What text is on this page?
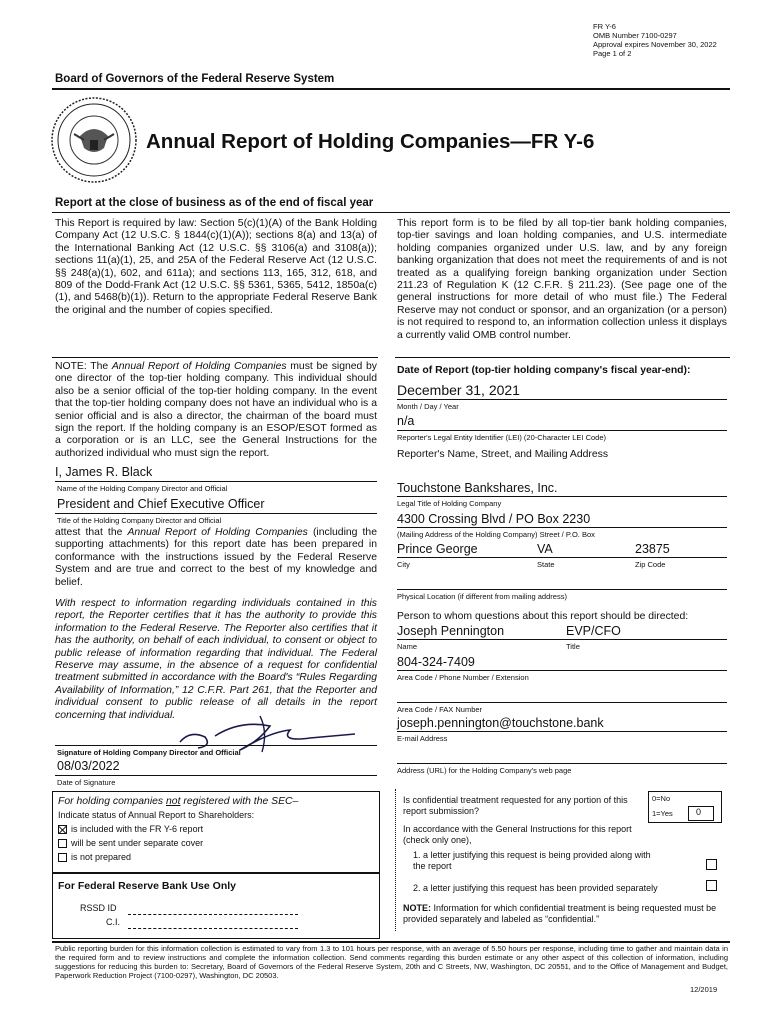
FR Y-6
OMB Number 7100-0297
Approval expires November 30, 2022
Page 1 of 2
Board of Governors of the Federal Reserve System
Annual Report of Holding Companies—FR Y-6
Report at the close of business as of the end of fiscal year

This Report is required by law: Section 5(c)(1)(A) of the Bank Holding Company Act (12 U.S.C. § 1844(c)(1)(A)); sections 8(a) and 13(a) of the International Banking Act (12 U.S.C. §§ 3106(a) and 3108(a)); sections 11(a)(1), 25, and 25A of the Federal Reserve Act (12 U.S.C. §§ 248(a)(1), 602, and 611a); and sections 113, 165, 312, 618, and 809 of the Dodd-Frank Act (12 U.S.C. §§ 5361, 5365, 5412, 1850a(c)(1), and 5468(b)(1)). Return to the appropriate Federal Reserve Bank the original and the number of copies specified.

This report form is to be filed by all top-tier bank holding companies, top-tier savings and loan holding companies, and U.S. intermediate holding companies organized under U.S. law, and by any foreign banking organization that does not meet the requirements of and is not treated as a qualifying foreign banking organization under Section 211.23 of Regulation K (12 C.F.R. § 211.23). (See page one of the general instructions for more detail of who must file.) The Federal Reserve may not conduct or sponsor, and an organization (or a person) is not required to respond to, an information collection unless it displays a currently valid OMB control number.

NOTE: The Annual Report of Holding Companies must be signed by one director of the top-tier holding company. This individual should also be a senior official of the top-tier holding company. In the event that the top-tier holding company does not have an individual who is a senior official and is also a director, the chairman of the board must sign the report. If the holding company is an ESOP/ESOT formed as a corporation or is an LLC, see the General Instructions for the authorized individual who must sign the report.

I, James R. Black
Name of the Holding Company Director and Official
President and Chief Executive Officer
Title of the Holding Company Director and Official

attest that the Annual Report of Holding Companies (including the supporting attachments) for this report date has been prepared in conformance with the instructions issued by the Federal Reserve System and are true and correct to the best of my knowledge and belief.

With respect to information regarding individuals contained in this report, the Reporter certifies that it has the authority to provide this information to the Federal Reserve. The Reporter also certifies that it has the authority, on behalf of each individual, to consent or object to public release of information regarding that individual. The Federal Reserve may assume, in the absence of a request for confidential treatment submitted in accordance with the Board's “Rules Regarding Availability of Information,” 12 C.F.R. Part 261, that the Reporter and individual consent to public release of all details in the report concerning that individual.

Signature of Holding Company Director and Official
08/03/2022
Date of Signature
For holding companies not registered with the SEC–
Indicate status of Annual Report to Shareholders:
is included with the FR Y-6 report
will be sent under separate cover
is not prepared
For Federal Reserve Bank Use Only
RSSD ID
C.I.
Date of Report (top-tier holding company's fiscal year-end):
December 31, 2021
Month / Day / Year
n/a
Reporter's Legal Entity Identifier (LEI) (20-Character LEI Code)
Reporter's Name, Street, and Mailing Address
Touchstone Bankshares, Inc.
Legal Title of Holding Company
4300 Crossing Blvd / PO Box 2230
(Mailing Address of the Holding Company) Street / P.O. Box
Prince George	VA	23875
City	State	Zip Code
Physical Location (if different from mailing address)
Person to whom questions about this report should be directed:
Joseph Pennington	EVP/CFO
Name	Title
804-324-7409
Area Code / Phone Number / Extension
Area Code / FAX Number
joseph.pennington@touchstone.bank
E-mail Address
Address (URL) for the Holding Company's web page

Is confidential treatment requested for any portion of this report submission?

0=No
1=Yes	0

In accordance with the General Instructions for this report (check only one),

1. a letter justifying this request is being provided along with the report

2. a letter justifying this request has been provided separately

NOTE: Information for which confidential treatment is being requested must be provided separately and labeled as “confidential.”

Public reporting burden for this information collection is estimated to vary from 1.3 to 101 hours per response, with an average of 5.50 hours per response, including time to gather and maintain data in the required form and to review instructions and complete the information collection. Send comments regarding this burden estimate or any other aspect of this collection of information, including suggestions for reducing this burden to: Secretary, Board of Governors of the Federal Reserve System, 20th and C Streets, NW, Washington, DC 20551, and to the Office of Management and Budget, Paperwork Reduction Project (7100-0297), Washington, DC 20503.

12/2019
